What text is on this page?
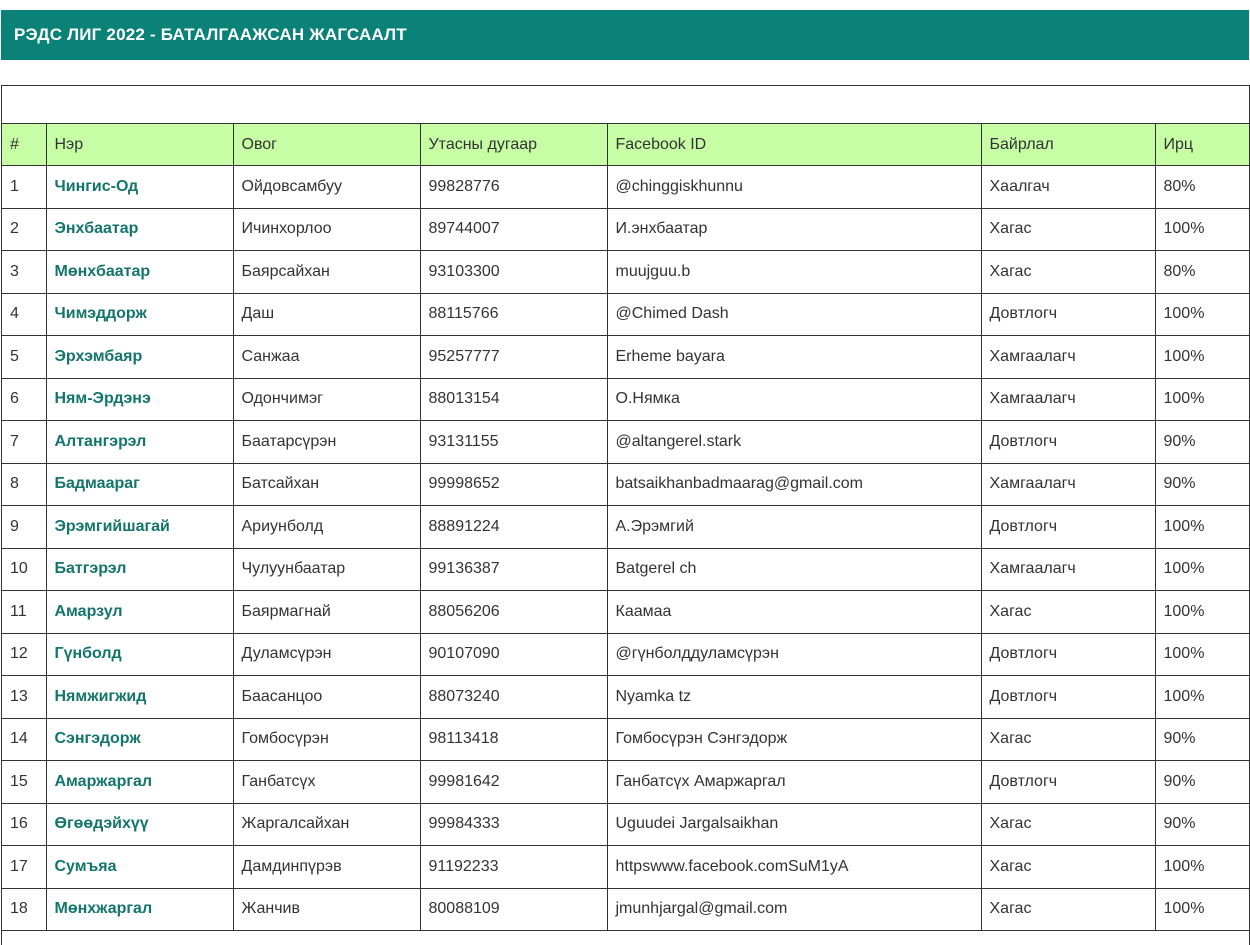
РЭДС ЛИГ 2022 - БАТАЛГААЖСАН ЖАГСААЛТ
#	Нэр	Овог	Утасны дугаар	Facebook ID	Байрлал	Ирц
1	Чингис-Од	Ойдовсамбуу	99828776	@chinggiskhunnu	Хаалгач	80%
2	Энхбаатар	Ичинхорлоо	89744007	И.энхбаатар	Хагас	100%
3	Мөнхбаатар	Баярсайхан	93103300	muujguu.b	Хагас	80%
4	Чимэддорж	Даш	88115766	@Chimed Dash	Довтлогч	100%
5	Эрхэмбаяр	Санжаа	95257777	Erheme bayara	Хамгаалагч	100%
6	Ням-Эрдэнэ	Одончимэг	88013154	О.Нямка	Хамгаалагч	100%
7	Алтангэрэл	Баатарсүрэн	93131155	@altangerel.stark	Довтлогч	90%
8	Бадмаараг	Батсайхан	99998652	batsaikhanbadmaarag@gmail.com	Хамгаалагч	90%
9	Эрэмгийшагай	Ариунболд	88891224	А.Эрэмгий	Довтлогч	100%
10	Батгэрэл	Чулуунбаатар	99136387	Batgerel ch	Хамгаалагч	100%
11	Амарзул	Баярмагнай	88056206	Каамаа	Хагас	100%
12	Гүнболд	Дуламсүрэн	90107090	@гүнболддуламсүрэн	Довтлогч	100%
13	Нямжигжид	Баасанцоо	88073240	Nyamka tz	Довтлогч	100%
14	Сэнгэдорж	Гомбосүрэн	98113418	Гомбосүрэн Сэнгэдорж	Хагас	90%
15	Амаржаргал	Ганбатсүх	99981642	Ганбатсүх Амаржаргал	Довтлогч	90%
16	Өгөөдэйхүү	Жаргалсайхан	99984333	Uguudei Jargalsaikhan	Хагас	90%
17	Сумъяа	Дамдинпүрэв	91192233	httpswww.facebook.comSuM1yA	Хагас	100%
18	Мөнхжаргал	Жанчив	80088109	jmunhjargal@gmail.com	Хагас	100%
